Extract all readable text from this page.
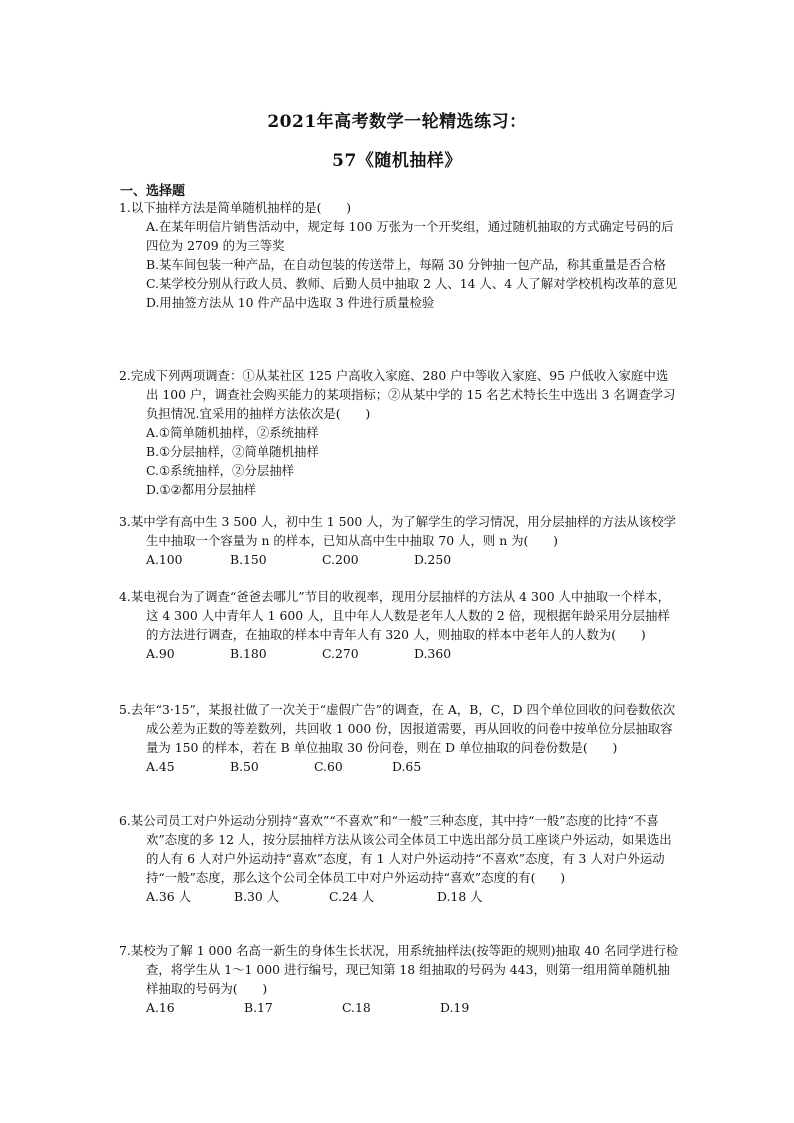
2021年高考数学一轮精选练习：
57《随机抽样》
一、选择题
1.以下抽样方法是简单随机抽样的是(　　)
A.在某年明信片销售活动中，规定每 100 万张为一个开奖组，通过随机抽取的方式确定号码的后四位为 2709 的为三等奖
B.某车间包装一种产品，在自动包装的传送带上，每隔 30 分钟抽一包产品，称其重量是否合格
C.某学校分别从行政人员、教师、后勤人员中抽取 2 人、14 人、4 人了解对学校机构改革的意见
D.用抽签方法从 10 件产品中选取 3 件进行质量检验
2.完成下列两项调查：①从某社区 125 户高收入家庭、280 户中等收入家庭、95 户低收入家庭中选出 100 户，调查社会购买能力的某项指标；②从某中学的 15 名艺术特长生中选出 3 名调查学习负担情况.宜采用的抽样方法依次是(　　)
A.①简单随机抽样，②系统抽样
B.①分层抽样，②简单随机抽样
C.①系统抽样，②分层抽样
D.①②都用分层抽样
3.某中学有高中生 3 500 人，初中生 1 500 人，为了解学生的学习情况，用分层抽样的方法从该校学生中抽取一个容量为 n 的样本，已知从高中生中抽取 70 人，则 n 为(　　)
A.100	B.150	C.200	D.250
4.某电视台为了调查“爸爸去哪儿”节目的收视率，现用分层抽样的方法从 4 300 人中抽取一个样本，这 4 300 人中青年人 1 600 人，且中年人人数是老年人人数的 2 倍，现根据年龄采用分层抽样的方法进行调查，在抽取的样本中青年人有 320 人，则抽取的样本中老年人的人数为(　　)
A.90	B.180	C.270	D.360
5.去年“3·15”，某报社做了一次关于“虚假广告”的调查，在 A，B，C，D 四个单位回收的问卷数依次成公差为正数的等差数列，共回收 1 000 份，因报道需要，再从回收的问卷中按单位分层抽取容量为 150 的样本，若在 B 单位抽取 30 份问卷，则在 D 单位抽取的问卷份数是(　　)
A.45	B.50	C.60	D.65
6.某公司员工对户外运动分别持“喜欢”“不喜欢”和“一般”三种态度，其中持“一般”态度的比持“不喜欢”态度的多 12 人，按分层抽样方法从该公司全体员工中选出部分员工座谈户外运动，如果选出的人有 6 人对户外运动持“喜欢”态度，有 1 人对户外运动持“不喜欢”态度，有 3 人对户外运动持“一般”态度，那么这个公司全体员工中对户外运动持“喜欢”态度的有(　　)
A.36 人	B.30 人	C.24 人	D.18 人
7.某校为了解 1 000 名高一新生的身体生长状况，用系统抽样法(按等距的规则)抽取 40 名同学进行检查，将学生从 1～1 000 进行编号，现已知第 18 组抽取的号码为 443，则第一组用简单随机抽样抽取的号码为(　　)
A.16	B.17	C.18	D.19
